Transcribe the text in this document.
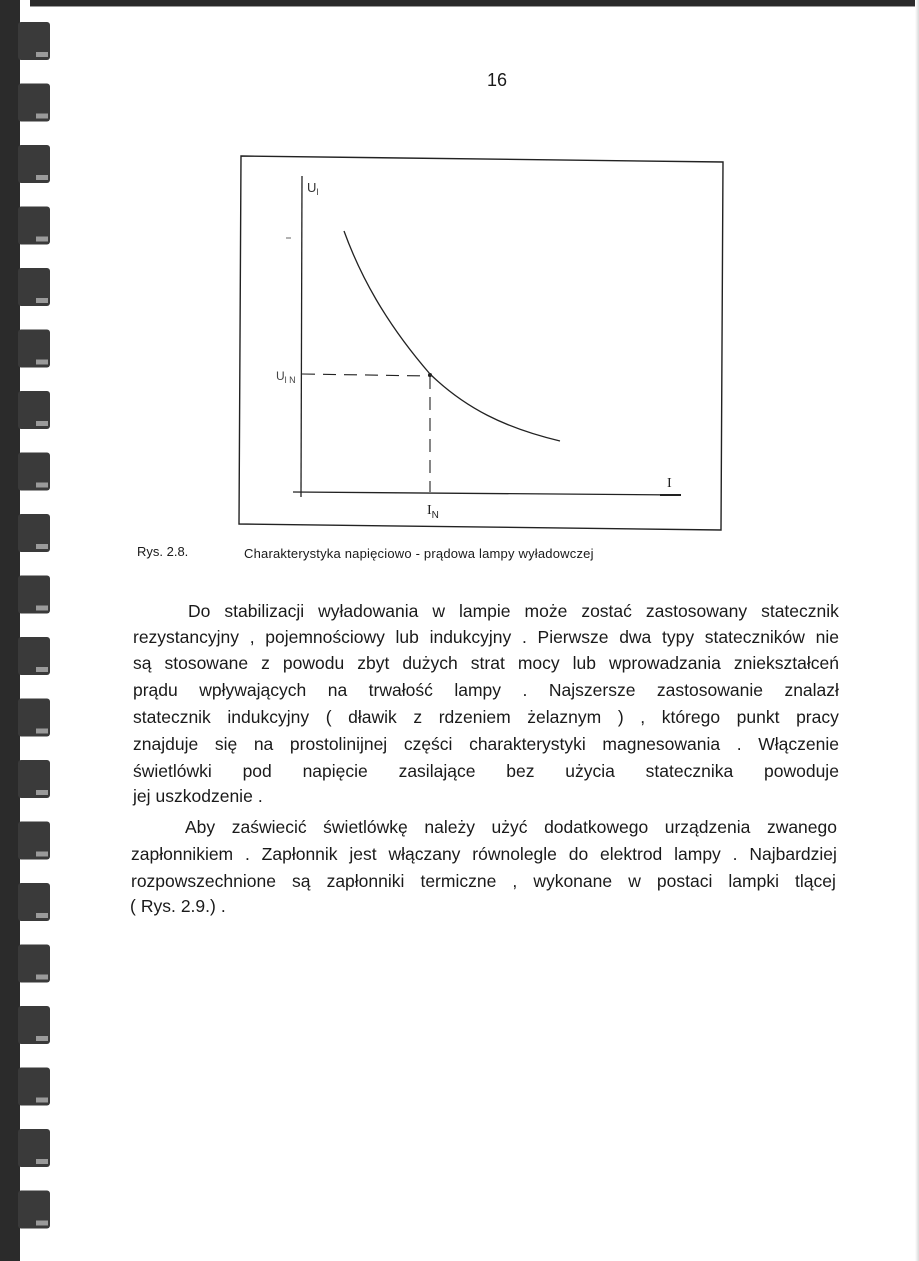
16
$U_l$
$U_{l N}$
I
$I_N$
Rys. 2.8.	Charakterystyka napięciowo - prądowa lampy wyładowczej
Do stabilizacji wyładowania w lampie może zostać zastosowany statecznik
rezystancyjny , pojemnościowy lub indukcyjny . Pierwsze dwa typy stateczników nie
są stosowane z powodu zbyt dużych strat mocy lub wprowadzania zniekształceń
prądu wpływających na trwałość lampy . Najszersze zastosowanie znalazł
statecznik indukcyjny ( dławik z rdzeniem żelaznym ) , którego punkt pracy
znajduje się na prostolinijnej części charakterystyki magnesowania . Włączenie
świetlówki pod napięcie zasilające bez użycia statecznika powoduje
jej uszkodzenie .
Aby zaświecić świetlówkę należy użyć dodatkowego urządzenia zwanego
zapłonnikiem . Zapłonnik jest włączany równolegle do elektrod lampy . Najbardziej
rozpowszechnione są zapłonniki termiczne , wykonane w postaci lampki tlącej
( Rys. 2.9.) .
